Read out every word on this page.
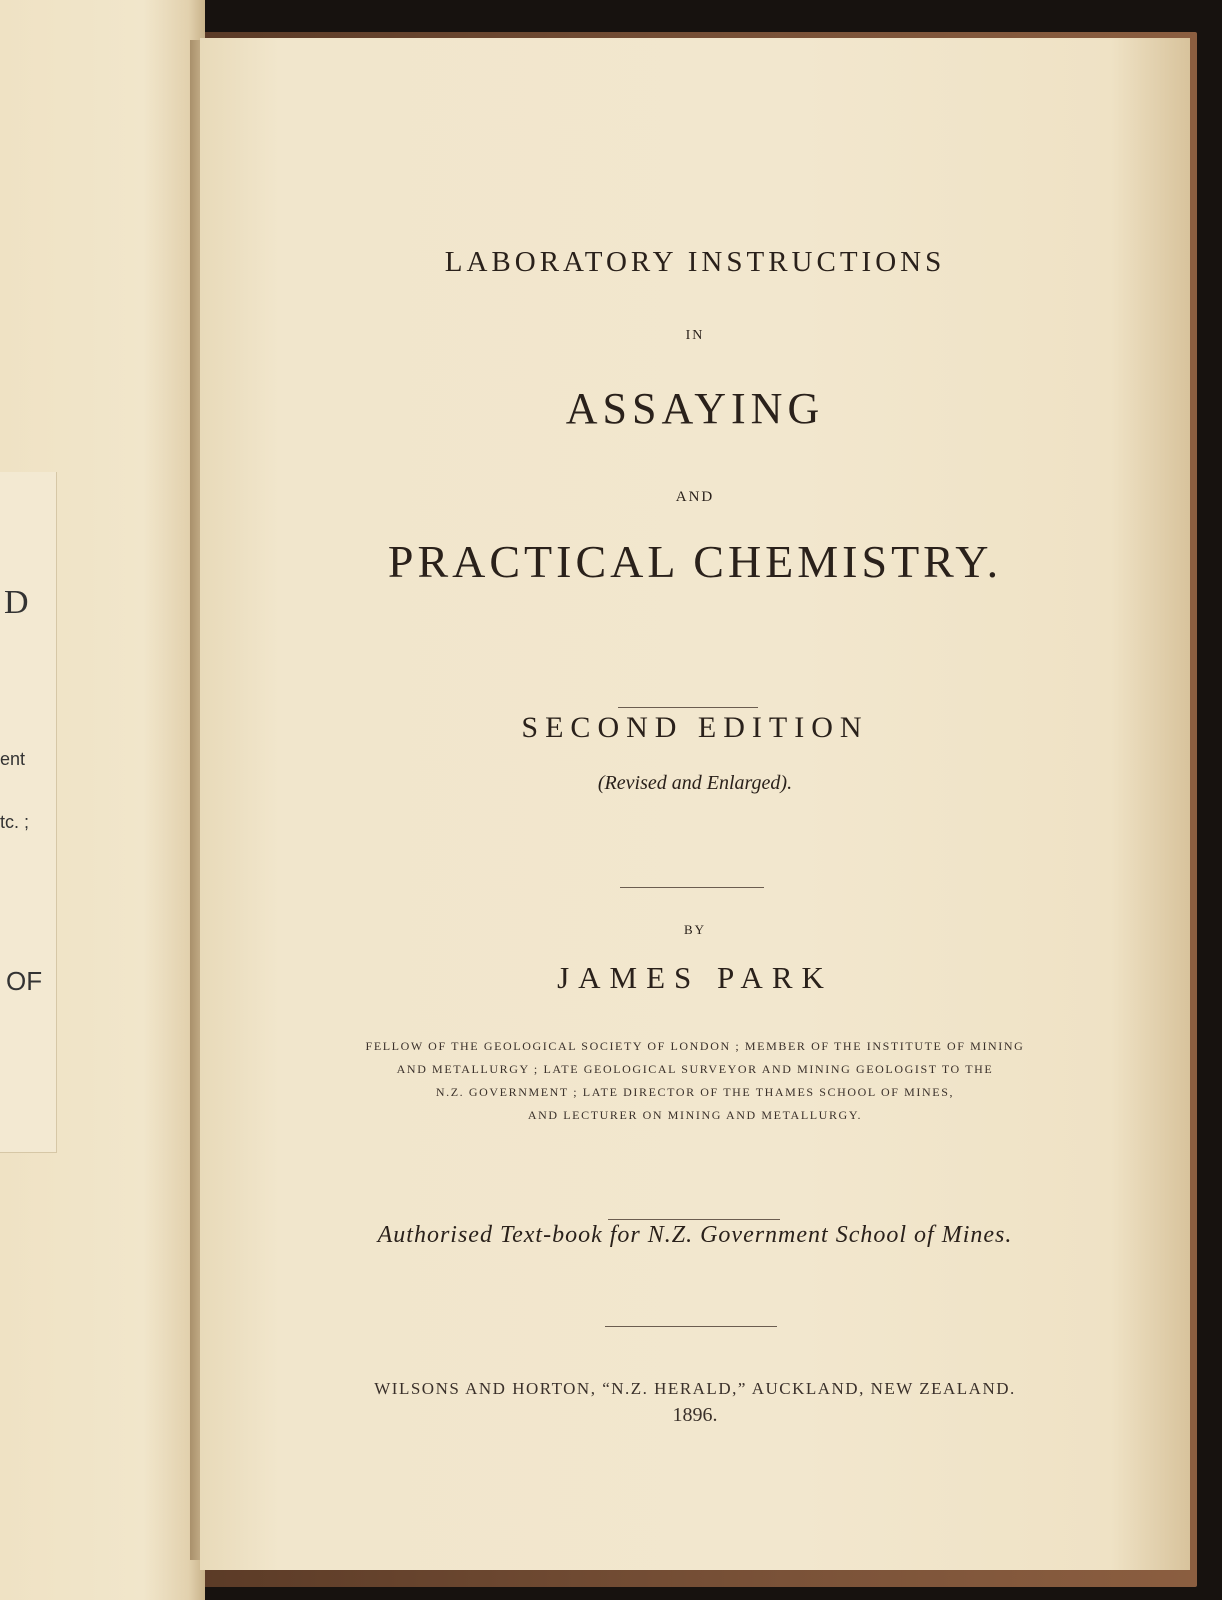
D
ent
tc. ;
OF
LABORATORY INSTRUCTIONS
IN
ASSAYING
AND
PRACTICAL CHEMISTRY.
SECOND EDITION
(Revised and Enlarged).
BY
JAMES PARK
FELLOW OF THE GEOLOGICAL SOCIETY OF LONDON ; MEMBER OF THE INSTITUTE OF MINING
AND METALLURGY ; LATE GEOLOGICAL SURVEYOR AND MINING GEOLOGIST TO THE
N.Z. GOVERNMENT ; LATE DIRECTOR OF THE THAMES SCHOOL OF MINES,
AND LECTURER ON MINING AND METALLURGY.
Authorised Text-book for N.Z. Government School of Mines.
WILSONS AND HORTON, “N.Z. HERALD,” AUCKLAND, NEW ZEALAND.
1896.
